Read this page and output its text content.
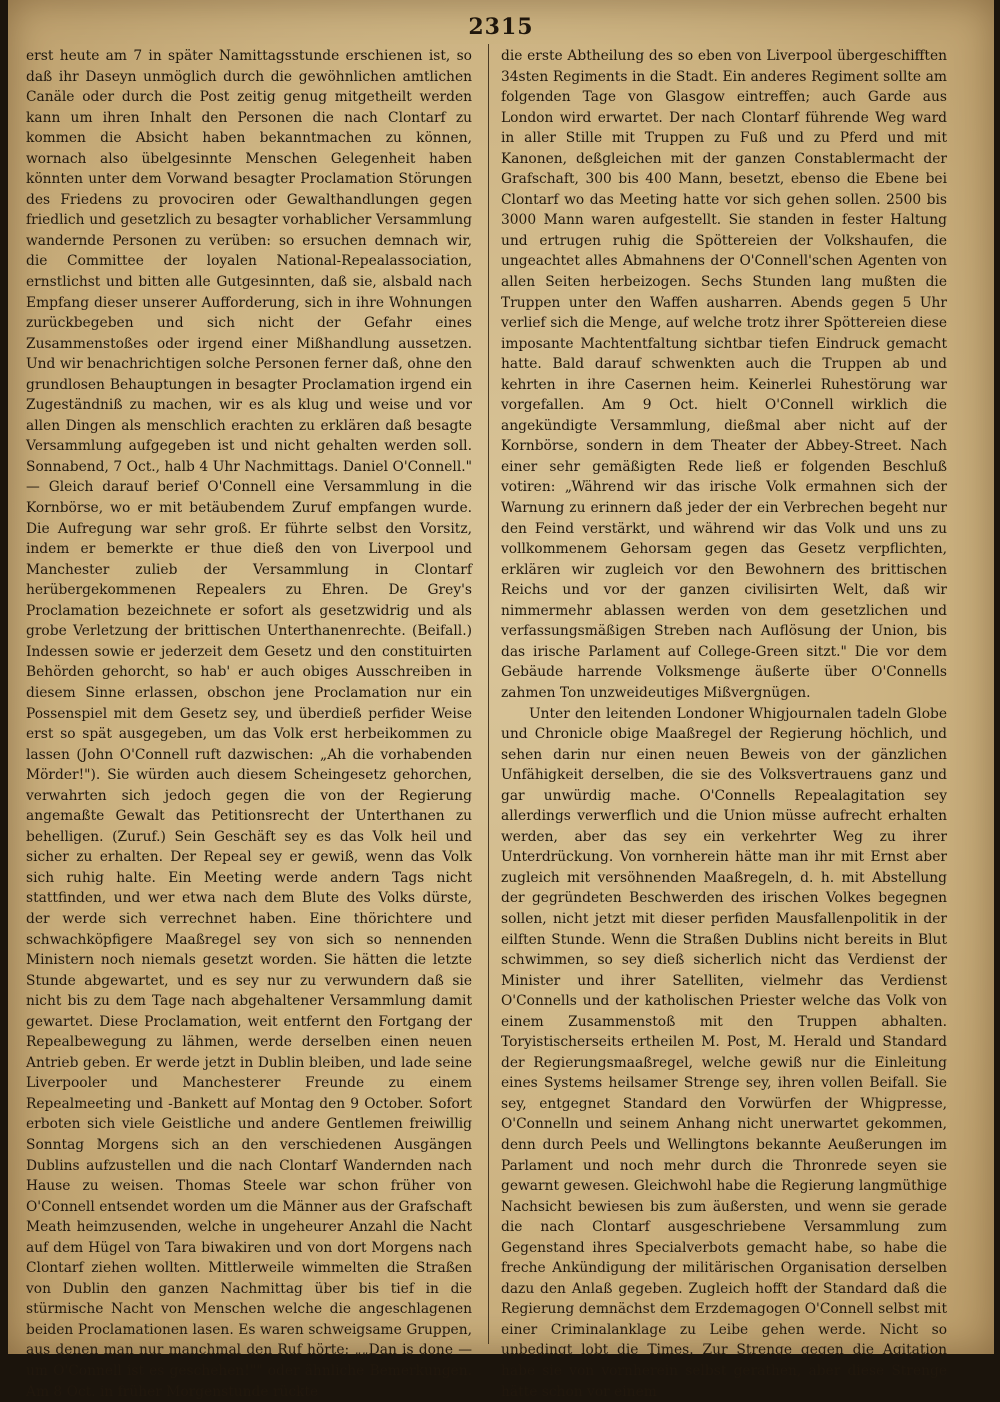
2315

erst heute am 7 in später Namittagsstunde erschienen ist, so daß ihr Daseyn unmöglich durch die gewöhnlichen amtlichen Canäle oder durch die Post zeitig genug mitgetheilt werden kann um ihren Inhalt den Personen die nach Clontarf zu kommen die Absicht haben bekanntmachen zu können, wornach also übelgesinnte Menschen Gelegenheit haben könnten unter dem Vorwand besagter Proclamation Störungen des Friedens zu provociren oder Gewalthandlungen gegen friedlich und gesetzlich zu besagter vorhablicher Versammlung wandernde Personen zu verüben: so ersuchen demnach wir, die Committee der loyalen National-Repealassociation, ernstlichst und bitten alle Gutgesinnten, daß sie, alsbald nach Empfang dieser unserer Aufforderung, sich in ihre Wohnungen zurückbegeben und sich nicht der Gefahr eines Zusammenstoßes oder irgend einer Mißhandlung aussetzen. Und wir benachrichtigen solche Personen ferner daß, ohne den grundlosen Behauptungen in besagter Proclamation irgend ein Zugeständniß zu machen, wir es als klug und weise und vor allen Dingen als menschlich erachten zu erklären daß besagte Versammlung aufgegeben ist und nicht gehalten werden soll. Sonnabend, 7 Oct., halb 4 Uhr Nachmittags. Daniel O'Connell." — Gleich darauf berief O'Connell eine Versammlung in die Kornbörse, wo er mit betäubendem Zuruf empfangen wurde. Die Aufregung war sehr groß. Er führte selbst den Vorsitz, indem er bemerkte er thue dieß den von Liverpool und Manchester zulieb der Versammlung in Clontarf herübergekommenen Repealers zu Ehren. De Grey's Proclamation bezeichnete er sofort als gesetzwidrig und als grobe Verletzung der brittischen Unterthanenrechte. (Beifall.) Indessen sowie er jederzeit dem Gesetz und den constituirten Behörden gehorcht, so hab' er auch obiges Ausschreiben in diesem Sinne erlassen, obschon jene Proclamation nur ein Possenspiel mit dem Gesetz sey, und überdieß perfider Weise erst so spät ausgegeben, um das Volk erst herbeikommen zu lassen (John O'Connell ruft dazwischen: „Ah die vorhabenden Mörder!"). Sie würden auch diesem Scheingesetz gehorchen, verwahrten sich jedoch gegen die von der Regierung angemaßte Gewalt das Petitionsrecht der Unterthanen zu behelligen. (Zuruf.) Sein Geschäft sey es das Volk heil und sicher zu erhalten. Der Repeal sey er gewiß, wenn das Volk sich ruhig halte. Ein Meeting werde andern Tags nicht stattfinden, und wer etwa nach dem Blute des Volks dürste, der werde sich verrechnet haben. Eine thörichtere und schwachköpfigere Maaßregel sey von sich so nennenden Ministern noch niemals gesetzt worden. Sie hätten die letzte Stunde abgewartet, und es sey nur zu verwundern daß sie nicht bis zu dem Tage nach abgehaltener Versammlung damit gewartet. Diese Proclamation, weit entfernt den Fortgang der Repealbewegung zu lähmen, werde derselben einen neuen Antrieb geben. Er werde jetzt in Dublin bleiben, und lade seine Liverpooler und Manchesterer Freunde zu einem Repealmeeting und -Bankett auf Montag den 9 October. Sofort erboten sich viele Geistliche und andere Gentlemen freiwillig Sonntag Morgens sich an den verschiedenen Ausgängen Dublins aufzustellen und die nach Clontarf Wandernden nach Hause zu weisen. Thomas Steele war schon früher von O'Connell entsendet worden um die Männer aus der Grafschaft Meath heimzusenden, welche in ungeheurer Anzahl die Nacht auf dem Hügel von Tara biwakiren und von dort Morgens nach Clontarf ziehen wollten. Mittlerweile wimmelten die Straßen von Dublin den ganzen Nachmittag über bis tief in die stürmische Nacht von Menschen welche die angeschlagenen beiden Proclamationen lasen. Es waren schweigsame Gruppen, aus denen man nur manchmal den Ruf hörte: „„Dan is done — um O'Connell ist es geschehen!"" oder ähnliche Bemerkungen. Am 8 Oct. in früher Morgenstunde rückte

die erste Abtheilung des so eben von Liverpool übergeschifften 34sten Regiments in die Stadt. Ein anderes Regiment sollte am folgenden Tage von Glasgow eintreffen; auch Garde aus London wird erwartet. Der nach Clontarf führende Weg ward in aller Stille mit Truppen zu Fuß und zu Pferd und mit Kanonen, deßgleichen mit der ganzen Constablermacht der Grafschaft, 300 bis 400 Mann, besetzt, ebenso die Ebene bei Clontarf wo das Meeting hatte vor sich gehen sollen. 2500 bis 3000 Mann waren aufgestellt. Sie standen in fester Haltung und ertrugen ruhig die Spöttereien der Volkshaufen, die ungeachtet alles Abmahnens der O'Connell'schen Agenten von allen Seiten herbeizogen. Sechs Stunden lang mußten die Truppen unter den Waffen ausharren. Abends gegen 5 Uhr verlief sich die Menge, auf welche trotz ihrer Spöttereien diese imposante Machtentfaltung sichtbar tiefen Eindruck gemacht hatte. Bald darauf schwenkten auch die Truppen ab und kehrten in ihre Casernen heim. Keinerlei Ruhestörung war vorgefallen. Am 9 Oct. hielt O'Connell wirklich die angekündigte Versammlung, dießmal aber nicht auf der Kornbörse, sondern in dem Theater der Abbey-Street. Nach einer sehr gemäßigten Rede ließ er folgenden Beschluß votiren: „Während wir das irische Volk ermahnen sich der Warnung zu erinnern daß jeder der ein Verbrechen begeht nur den Feind verstärkt, und während wir das Volk und uns zu vollkommenem Gehorsam gegen das Gesetz verpflichten, erklären wir zugleich vor den Bewohnern des brittischen Reichs und vor der ganzen civilisirten Welt, daß wir nimmermehr ablassen werden von dem gesetzlichen und verfassungsmäßigen Streben nach Auflösung der Union, bis das irische Parlament auf College-Green sitzt." Die vor dem Gebäude harrende Volksmenge äußerte über O'Connells zahmen Ton unzweideutiges Mißvergnügen.

Unter den leitenden Londoner Whigjournalen tadeln Globe und Chronicle obige Maaßregel der Regierung höchlich, und sehen darin nur einen neuen Beweis von der gänzlichen Unfähigkeit derselben, die sie des Volksvertrauens ganz und gar unwürdig mache. O'Connells Repealagitation sey allerdings verwerflich und die Union müsse aufrecht erhalten werden, aber das sey ein verkehrter Weg zu ihrer Unterdrückung. Von vornherein hätte man ihr mit Ernst aber zugleich mit versöhnenden Maaßregeln, d. h. mit Abstellung der gegründeten Beschwerden des irischen Volkes begegnen sollen, nicht jetzt mit dieser perfiden Mausfallenpolitik in der eilften Stunde. Wenn die Straßen Dublins nicht bereits in Blut schwimmen, so sey dieß sicherlich nicht das Verdienst der Minister und ihrer Satelliten, vielmehr das Verdienst O'Connells und der katholischen Priester welche das Volk von einem Zusammenstoß mit den Truppen abhalten. Toryistischerseits ertheilen M. Post, M. Herald und Standard der Regierungsmaaßregel, welche gewiß nur die Einleitung eines Systems heilsamer Strenge sey, ihren vollen Beifall. Sie sey, entgegnet Standard den Vorwürfen der Whigpresse, O'Connelln und seinem Anhang nicht unerwartet gekommen, denn durch Peels und Wellingtons bekannte Aeußerungen im Parlament und noch mehr durch die Thronrede seyen sie gewarnt gewesen. Gleichwohl habe die Regierung langmüthige Nachsicht bewiesen bis zum äußersten, und wenn sie gerade die nach Clontarf ausgeschriebene Versammlung zum Gegenstand ihres Specialverbots gemacht habe, so habe die freche Ankündigung der militärischen Organisation derselben dazu den Anlaß gegeben. Zugleich hofft der Standard daß die Regierung demnächst dem Erzdemagogen O'Connell selbst mit einer Criminalanklage zu Leibe gehen werde. Nicht so unbedingt lobt die Times. Zur Strenge gegen die Agitation habe sie von vornherein selbst gerathen, aber diese Strenge hätte schon vor einem
